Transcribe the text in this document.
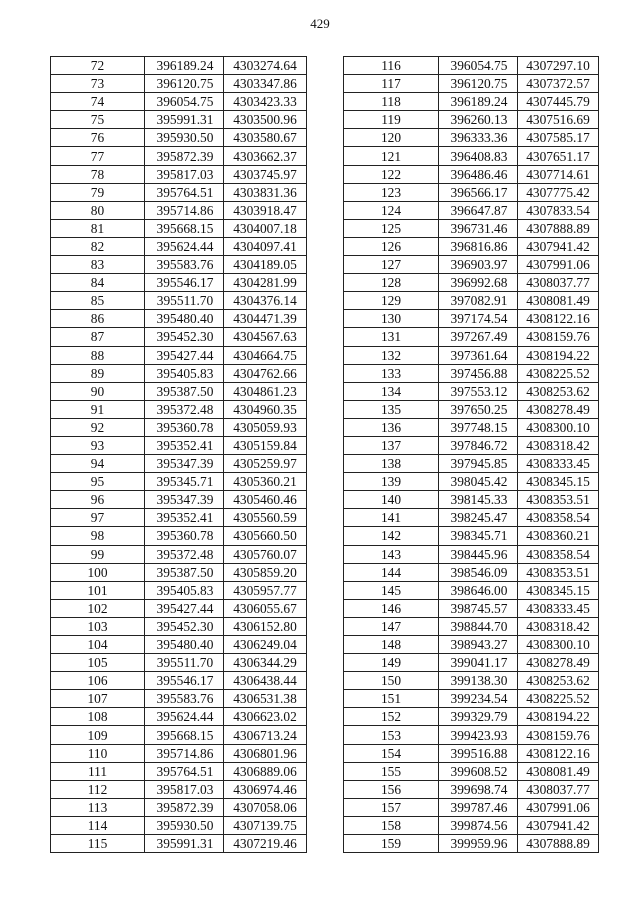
429
72	396189.24	4303274.64
73	396120.75	4303347.86
74	396054.75	4303423.33
75	395991.31	4303500.96
76	395930.50	4303580.67
77	395872.39	4303662.37
78	395817.03	4303745.97
79	395764.51	4303831.36
80	395714.86	4303918.47
81	395668.15	4304007.18
82	395624.44	4304097.41
83	395583.76	4304189.05
84	395546.17	4304281.99
85	395511.70	4304376.14
86	395480.40	4304471.39
87	395452.30	4304567.63
88	395427.44	4304664.75
89	395405.83	4304762.66
90	395387.50	4304861.23
91	395372.48	4304960.35
92	395360.78	4305059.93
93	395352.41	4305159.84
94	395347.39	4305259.97
95	395345.71	4305360.21
96	395347.39	4305460.46
97	395352.41	4305560.59
98	395360.78	4305660.50
99	395372.48	4305760.07
100	395387.50	4305859.20
101	395405.83	4305957.77
102	395427.44	4306055.67
103	395452.30	4306152.80
104	395480.40	4306249.04
105	395511.70	4306344.29
106	395546.17	4306438.44
107	395583.76	4306531.38
108	395624.44	4306623.02
109	395668.15	4306713.24
110	395714.86	4306801.96
111	395764.51	4306889.06
112	395817.03	4306974.46
113	395872.39	4307058.06
114	395930.50	4307139.75
115	395991.31	4307219.46
116	396054.75	4307297.10
117	396120.75	4307372.57
118	396189.24	4307445.79
119	396260.13	4307516.69
120	396333.36	4307585.17
121	396408.83	4307651.17
122	396486.46	4307714.61
123	396566.17	4307775.42
124	396647.87	4307833.54
125	396731.46	4307888.89
126	396816.86	4307941.42
127	396903.97	4307991.06
128	396992.68	4308037.77
129	397082.91	4308081.49
130	397174.54	4308122.16
131	397267.49	4308159.76
132	397361.64	4308194.22
133	397456.88	4308225.52
134	397553.12	4308253.62
135	397650.25	4308278.49
136	397748.15	4308300.10
137	397846.72	4308318.42
138	397945.85	4308333.45
139	398045.42	4308345.15
140	398145.33	4308353.51
141	398245.47	4308358.54
142	398345.71	4308360.21
143	398445.96	4308358.54
144	398546.09	4308353.51
145	398646.00	4308345.15
146	398745.57	4308333.45
147	398844.70	4308318.42
148	398943.27	4308300.10
149	399041.17	4308278.49
150	399138.30	4308253.62
151	399234.54	4308225.52
152	399329.79	4308194.22
153	399423.93	4308159.76
154	399516.88	4308122.16
155	399608.52	4308081.49
156	399698.74	4308037.77
157	399787.46	4307991.06
158	399874.56	4307941.42
159	399959.96	4307888.89
